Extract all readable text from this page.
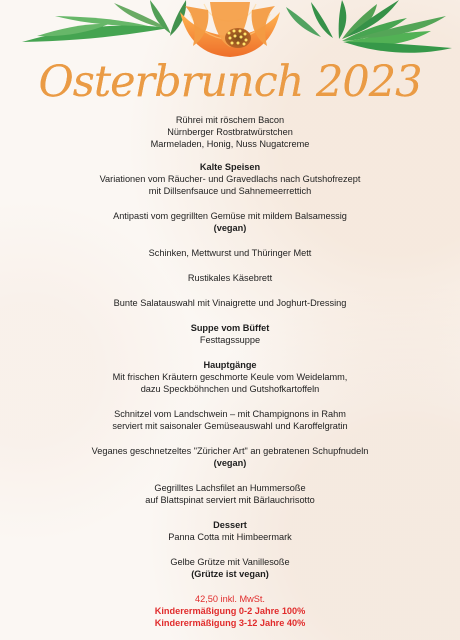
Osterbrunch 2023
Rührei mit röschem Bacon
Nürnberger Rostbratwürstchen
Marmeladen, Honig, Nuss Nugatcreme
Kalte Speisen
Variationen vom Räucher- und Gravedlachs nach Gutshofrezept
mit Dillsenfsauce und Sahnemeerrettich
Antipasti vom gegrillten Gemüse mit mildem Balsamessig
(vegan)
Schinken, Mettwurst und Thüringer Mett
Rustikales Käsebrett
Bunte Salatauswahl mit Vinaigrette und Joghurt-Dressing
Suppe vom Büffet
Festtagssuppe
Hauptgänge
Mit frischen Kräutern geschmorte Keule vom Weidelamm,
dazu Speckböhnchen und Gutshofkartoffeln
Schnitzel vom Landschwein – mit Champignons in Rahm
serviert mit saisonaler Gemüseauswahl und Karoffelgratin
Veganes geschnetzeltes "Züricher Art" an gebratenen Schupfnudeln
(vegan)
Gegrilltes Lachsfilet an Hummersoße
auf Blattspinat serviert mit Bärlauchrisotto
Dessert
Panna Cotta mit Himbeermark
Gelbe Grütze mit Vanillesoße
(Grütze ist vegan)
42,50 inkl. MwSt.
Kinderermäßigung 0-2 Jahre 100%
Kinderermäßigung 3-12 Jahre 40%
